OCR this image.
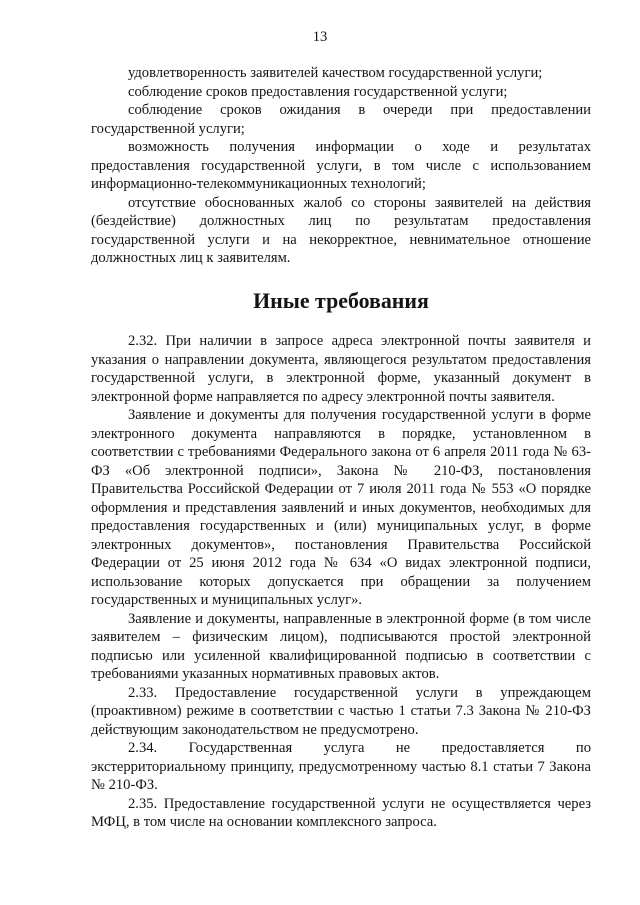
13

удовлетворенность заявителей качеством государственной услуги;

соблюдение сроков предоставления государственной услуги;

соблюдение сроков ожидания в очереди при предоставлении государственной услуги;

возможность получения информации о ходе и результатах предоставления государственной услуги, в том числе с использованием информационно-телекоммуникационных технологий;

отсутствие обоснованных жалоб со стороны заявителей на действия (бездействие) должностных лиц по результатам предоставления государственной услуги и на некорректное, невнимательное отношение должностных лиц к заявителям.

Иные требования

2.32. При наличии в запросе адреса электронной почты заявителя и указания о направлении документа, являющегося результатом предоставления государственной услуги, в электронной форме, указанный документ в электронной форме направляется по адресу электронной почты заявителя.

Заявление и документы для получения государственной услуги в форме электронного документа направляются в порядке, установленном в соответствии с требованиями Федерального закона от 6 апреля 2011 года № 63-ФЗ «Об электронной подписи», Закона № 210-ФЗ, постановления Правительства Российской Федерации от 7 июля 2011 года № 553 «О порядке оформления и представления заявлений и иных документов, необходимых для предоставления государственных и (или) муниципальных услуг, в форме электронных документов», постановления Правительства Российской Федерации от 25 июня 2012 года № 634 «О видах электронной подписи, использование которых допускается при обращении за получением государственных и муниципальных услуг».

Заявление и документы, направленные в электронной форме (в том числе заявителем – физическим лицом), подписываются простой электронной подписью или усиленной квалифицированной подписью в соответствии с требованиями указанных нормативных правовых актов.

2.33. Предоставление государственной услуги в упреждающем (проактивном) режиме в соответствии с частью 1 статьи 7.3 Закона № 210-ФЗ действующим законодательством не предусмотрено.

2.34. Государственная услуга не предоставляется по экстерриториальному принципу, предусмотренному частью 8.1 статьи 7 Закона № 210-ФЗ.

2.35. Предоставление государственной услуги не осуществляется через МФЦ, в том числе на основании комплексного запроса.
